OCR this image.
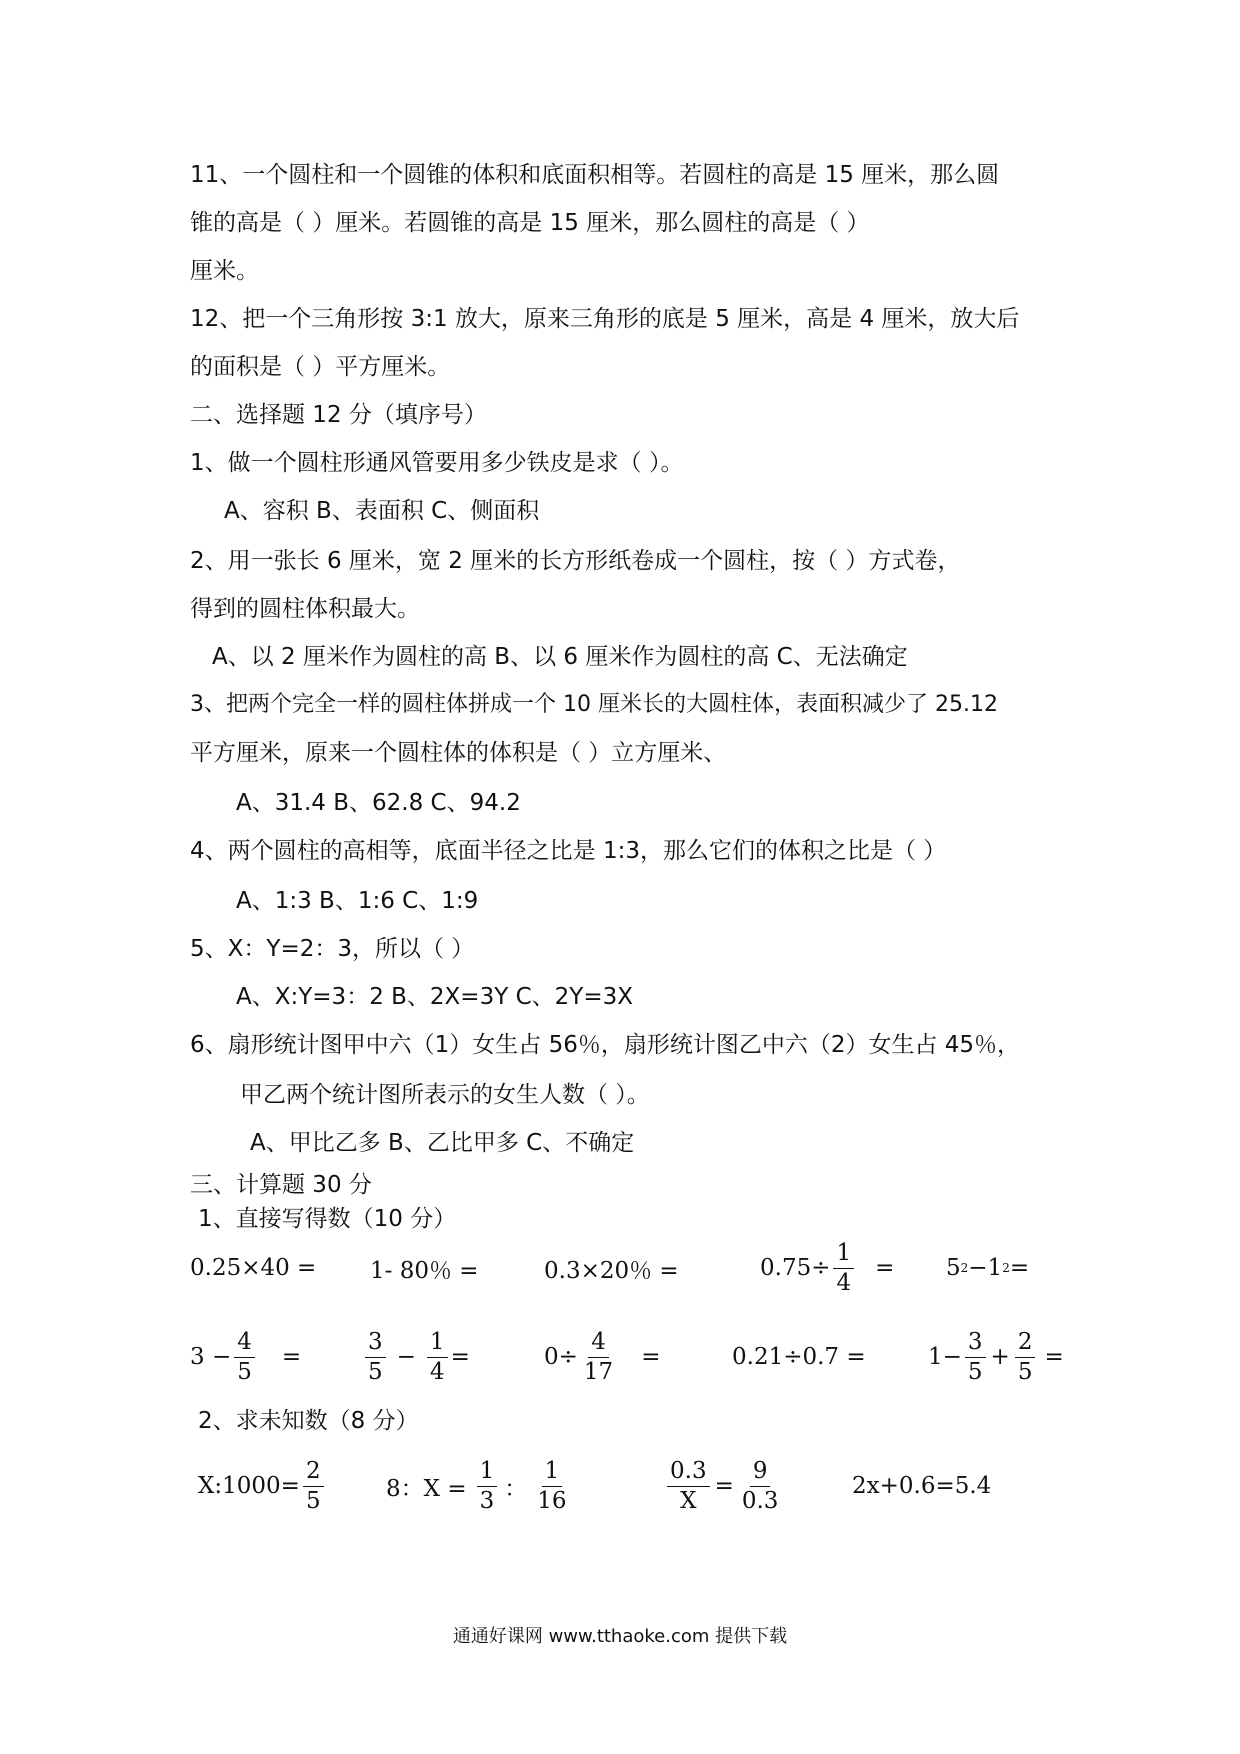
11、一个圆柱和一个圆锥的体积和底面积相等。若圆柱的高是 15 厘米，那么圆
锥的高是（ ）厘米。若圆锥的高是 15 厘米，那么圆柱的高是（ ）
厘米。
12、把一个三角形按 3:1 放大，原来三角形的底是 5 厘米，高是 4 厘米，放大后
的面积是（ ）平方厘米。
二、选择题 12 分（填序号）
1、做一个圆柱形通风管要用多少铁皮是求（ ）。
A、容积 B、表面积 C、侧面积
2、用一张长 6 厘米，宽 2 厘米的长方形纸卷成一个圆柱，按（ ）方式卷，
得到的圆柱体积最大。
A、以 2 厘米作为圆柱的高 B、以 6 厘米作为圆柱的高 C、无法确定
3、把两个完全一样的圆柱体拼成一个 10 厘米长的大圆柱体，表面积减少了 25.12
平方厘米，原来一个圆柱体的体积是（ ）立方厘米、
A、31.4 B、62.8 C、94.2
4、两个圆柱的高相等，底面半径之比是 1:3，那么它们的体积之比是（ ）
A、1:3 B、1:6 C、1:9
5、X：Y=2：3，所以（ ）
A、X:Y=3：2 B、2X=3Y C、2Y=3X
6、扇形统计图甲中六（1）女生占 56％，扇形统计图乙中六（2）女生占 45％，
甲乙两个统计图所表示的女生人数（ ）。
A、甲比乙多 B、乙比甲多 C、不确定
三、计算题 30 分
1、直接写得数（10 分）
0.25×40 = 1- 80％ =	0.3×20％ =	$0.75\div \frac{1}{4} = 5$ 2 −1 2 =
$3 - \frac{4}{5}$ =	$\frac{3}{5} - \frac{1}{4}$ =	$0\div \frac{4}{17}$ =	0.21÷0.7 =	$1- \frac{3}{5} + \frac{2}{5}$ =
2、求未知数（8 分）
X:1000= $\frac{2}{5}$	8：$X = \frac{1}{3}$ ： $\frac{1}{16}$	$\frac{0.3}{X} = \frac{9}{0.3}$	2x+0.6=5.4
通通好课网 www.tthaoke.com 提供下载
